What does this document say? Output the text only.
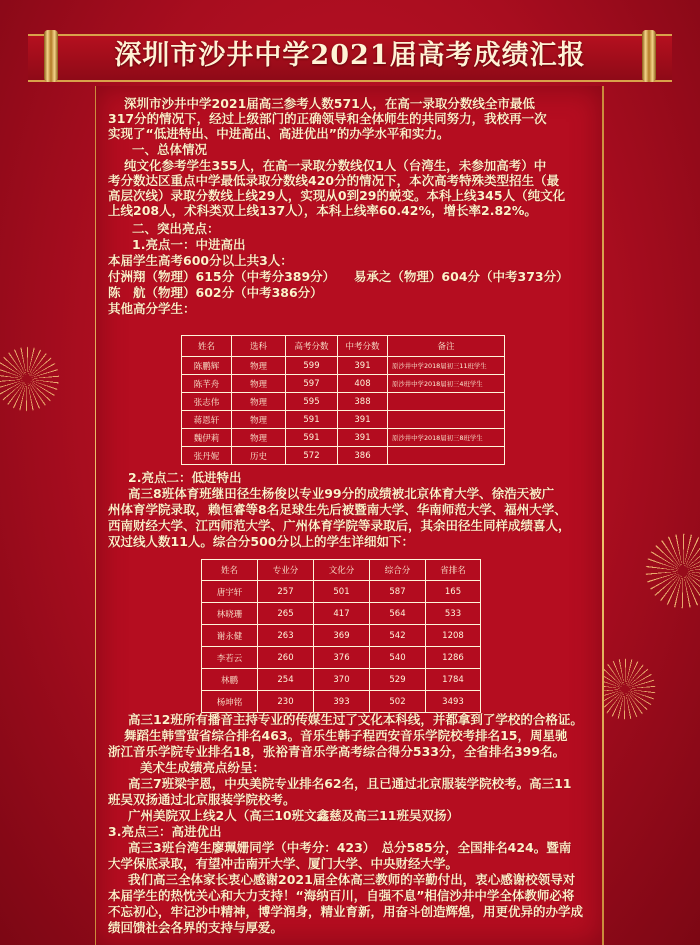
深圳市沙井中学2021届高考成绩汇报
深圳市沙井中学2021届高三参考人数571人，在高一录取分数线全市最低
317分的情况下，经过上级部门的正确领导和全体师生的共同努力，我校再一次
实现了“低进特出、中进高出、高进优出”的办学水平和实力。
一、总体情况
纯文化参考学生355人，在高一录取分数线仅1人（台湾生，未参加高考）中
考分数达区重点中学最低录取分数线420分的情况下，本次高考特殊类型招生（最
高层次线）录取分数线上线29人，实现从0到29的蜕变。本科上线345人（纯文化
上线208人，术科类双上线137人），本科上线率60.42%，增长率2.82%。
二、突出亮点：
1.亮点一：中进高出
本届学生高考600分以上共3人：
付洲翔（物理）615分（中考分389分）　　易承之（物理）604分（中考373分）
陈　航（物理）602分（中考386分）
其他高分学生：
姓名	选科	高考分数	中考分数	备注
陈鹏辉	物理	599	391	原沙井中学2018届初三11班学生
陈芊舟	物理	597	408	原沙井中学2018届初三4班学生
张志伟	物理	595	388	
蒋恩轩	物理	591	391	
魏伊莉	物理	591	391	原沙井中学2018届初三8班学生
张丹妮	历史	572	386	
2.亮点二：低进特出
高三8班体育班继田径生杨俊以专业99分的成绩被北京体育大学、徐浩天被广
州体育学院录取，赖恒睿等8名足球生先后被暨南大学、华南师范大学、福州大学、
西南财经大学、江西师范大学、广州体育学院等录取后，其余田径生同样成绩喜人，
双过线人数11人。综合分500分以上的学生详细如下：
姓名	专业分	文化分	综合分	省排名
唐宇轩	257	501	587	165
林晓珊	265	417	564	533
谢永健	263	369	542	1208
李若云	260	376	540	1286
林鹏	254	370	529	1784
杨坤铭	230	393	502	3493
高三12班所有播音主持专业的传媒生过了文化本科线，并都拿到了学校的合格证。
舞蹈生韩雪萤省综合排名463。音乐生韩子程西安音乐学院校考排名15，周星驰
浙江音乐学院专业排名18，张裕青音乐学高考综合得分533分，全省排名399名。
美术生成绩亮点纷呈：
高三7班梁宇恩，中央美院专业排名62名，且已通过北京服装学院校考。高三11
班吴双扬通过北京服装学院校考。
广州美院双上线2人（高三10班文鑫慈及高三11班吴双扬）
3.亮点三：高进优出
高三3班台湾生廖珮姗同学（中考分：423）　总分585分，全国排名424。暨南
大学保底录取，有望冲击南开大学、厦门大学、中央财经大学。
我们高三全体家长衷心感谢2021届全体高三教师的辛勤付出，衷心感谢校领导对
本届学生的热忱关心和大力支持！“海纳百川，自强不息”相信沙井中学全体教师必将
不忘初心，牢记沙中精神，博学润身，精业育新，用奋斗创造辉煌，用更优异的办学成
绩回馈社会各界的支持与厚爱。
